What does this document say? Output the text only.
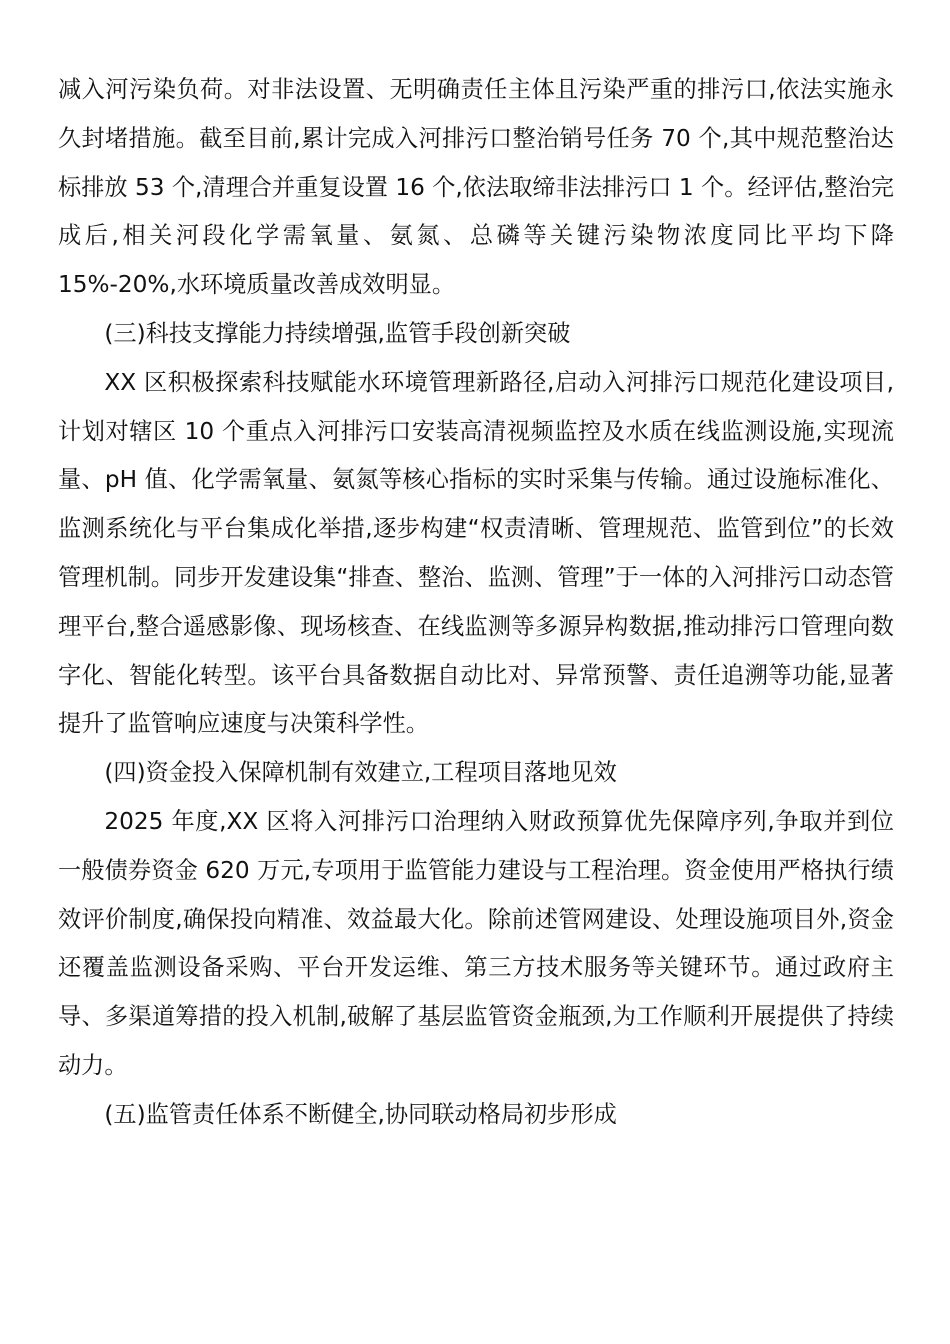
减入河污染负荷。对非法设置、无明确责任主体且污染严重的排污口,依法实施永久封堵措施。截至目前,累计完成入河排污口整治销号任务 70 个,其中规范整治达标排放 53 个,清理合并重复设置 16 个,依法取缔非法排污口 1 个。经评估,整治完成后,相关河段化学需氧量、氨氮、总磷等关键污染物浓度同比平均下降 15%-20%,水环境质量改善成效明显。

(三)科技支撑能力持续增强,监管手段创新突破

XX 区积极探索科技赋能水环境管理新路径,启动入河排污口规范化建设项目,计划对辖区 10 个重点入河排污口安装高清视频监控及水质在线监测设施,实现流量、pH 值、化学需氧量、氨氮等核心指标的实时采集与传输。通过设施标准化、监测系统化与平台集成化举措,逐步构建“权责清晰、管理规范、监管到位”的长效管理机制。同步开发建设集“排查、整治、监测、管理”于一体的入河排污口动态管理平台,整合遥感影像、现场核查、在线监测等多源异构数据,推动排污口管理向数字化、智能化转型。该平台具备数据自动比对、异常预警、责任追溯等功能,显著提升了监管响应速度与决策科学性。

(四)资金投入保障机制有效建立,工程项目落地见效

2025 年度,XX 区将入河排污口治理纳入财政预算优先保障序列,争取并到位一般债券资金 620 万元,专项用于监管能力建设与工程治理。资金使用严格执行绩效评价制度,确保投向精准、效益最大化。除前述管网建设、处理设施项目外,资金还覆盖监测设备采购、平台开发运维、第三方技术服务等关键环节。通过政府主导、多渠道筹措的投入机制,破解了基层监管资金瓶颈,为工作顺利开展提供了持续动力。

(五)监管责任体系不断健全,协同联动格局初步形成
